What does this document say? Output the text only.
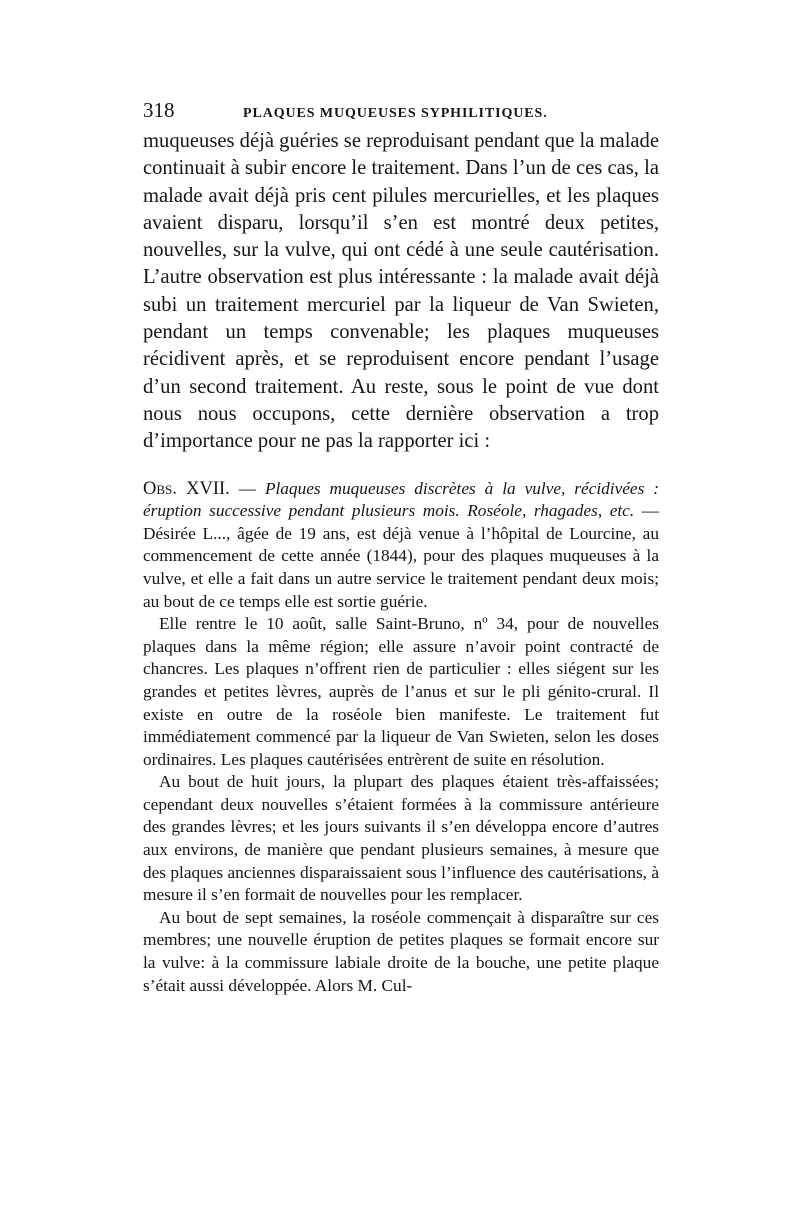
318	PLAQUES MUQUEUSES SYPHILITIQUES.

muqueuses déjà guéries se reproduisant pendant que la malade continuait à subir encore le traitement. Dans l’un de ces cas, la malade avait déjà pris cent pilules mercurielles, et les plaques avaient disparu, lorsqu’il s’en est montré deux petites, nouvelles, sur la vulve, qui ont cédé à une seule cautérisation. L’autre observation est plus intéressante : la malade avait déjà subi un traitement mercuriel par la liqueur de Van Swieten, pendant un temps convenable; les plaques muqueuses récidivent après, et se reproduisent encore pendant l’usage d’un second traitement. Au reste, sous le point de vue dont nous nous occupons, cette dernière observation a trop d’importance pour ne pas la rapporter ici :

Obs. XVII. — Plaques muqueuses discrètes à la vulve, récidivées : éruption successive pendant plusieurs mois. Roséole, rhagades, etc. — Désirée L..., âgée de 19 ans, est déjà venue à l’hôpital de Lourcine, au commencement de cette année (1844), pour des plaques muqueuses à la vulve, et elle a fait dans un autre service le traitement pendant deux mois; au bout de ce temps elle est sortie guérie.

Elle rentre le 10 août, salle Saint-Bruno, nº 34, pour de nouvelles plaques dans la même région; elle assure n’avoir point contracté de chancres. Les plaques n’offrent rien de particulier : elles siégent sur les grandes et petites lèvres, auprès de l’anus et sur le pli génito-crural. Il existe en outre de la roséole bien manifeste. Le traitement fut immédiatement commencé par la liqueur de Van Swieten, selon les doses ordinaires. Les plaques cautérisées entrèrent de suite en résolution.

Au bout de huit jours, la plupart des plaques étaient très-affaissées; cependant deux nouvelles s’étaient formées à la commissure antérieure des grandes lèvres; et les jours suivants il s’en développa encore d’autres aux environs, de manière que pendant plusieurs semaines, à mesure que des plaques anciennes disparaissaient sous l’influence des cautérisations, à mesure il s’en formait de nouvelles pour les remplacer.

Au bout de sept semaines, la roséole commençait à disparaître sur ces membres; une nouvelle éruption de petites plaques se formait encore sur la vulve: à la commissure labiale droite de la bouche, une petite plaque s’était aussi développée. Alors M. Cul-
